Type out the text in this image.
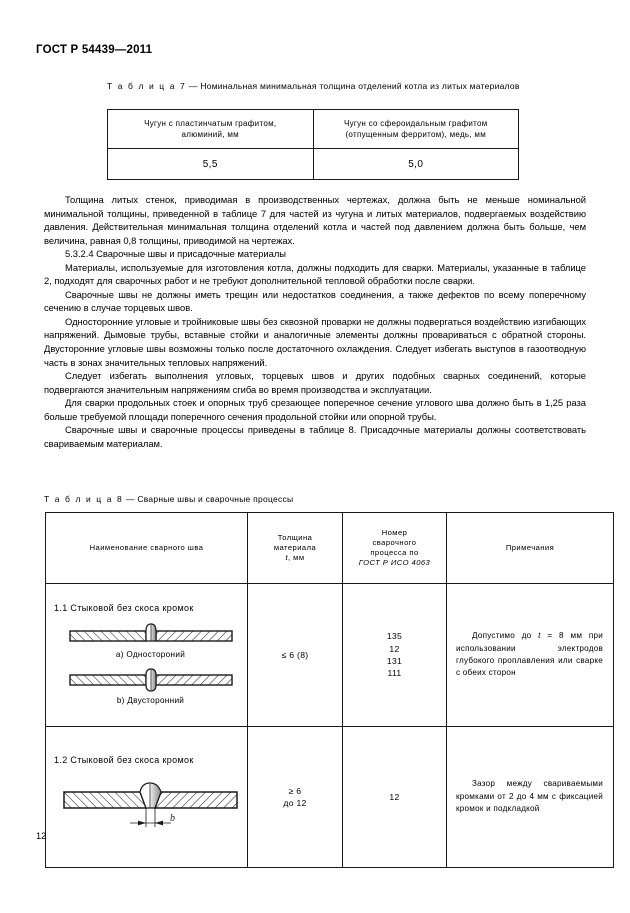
ГОСТ Р 54439—2011
Т а б л и ц а 7 — Номинальная минимальная толщина отделений котла из литых материалов
Чугун с пластинчатым графитом,
алюминий, мм	Чугун со сфероидальным графитом
(отпущенным ферритом), медь, мм
5,5	5,0

Толщина литых стенок, приводимая в производственных чертежах, должна быть не меньше номинальной минимальной толщины, приведенной в таблице 7 для частей из чугуна и литых материалов, подвергаемых воздействию давления. Действительная минимальная толщина отделений котла и частей под давлением должна быть больше, чем величина, равная 0,8 толщины, приводимой на чертежах.

5.3.2.4 Сварочные швы и присадочные материалы

Материалы, используемые для изготовления котла, должны подходить для сварки. Материалы, указанные в таблице 2, подходят для сварочных работ и не требуют дополнительной тепловой обработки после сварки.

Сварочные швы не должны иметь трещин или недостатков соединения, а также дефектов по всему поперечному сечению в случае торцевых швов.

Односторонние угловые и тройниковые швы без сквозной проварки не должны подвергаться воздействию изгибающих напряжений. Дымовые трубы, вставные стойки и аналогичные элементы должны провариваться с обратной стороны. Двусторонние угловые швы возможны только после достаточного охлаждения. Следует избегать выступов в газоотводную часть в зонах значительных тепловых напряжений.

Следует избегать выполнения угловых, торцевых швов и других подобных сварных соединений, которые подвергаются значительным напряжениям сгиба во время производства и эксплуатации.

Для сварки продольных стоек и опорных труб срезающее поперечное сечение углового шва должно быть в 1,25 раза больше требуемой площади поперечного сечения продольной стойки или опорной трубы.

Сварочные швы и сварочные процессы приведены в таблице 8. Присадочные материалы должны соответствовать свариваемым материалам.

Т а б л и ц а 8 — Сварные швы и сварочные процессы
Наименование сварного шва	Толщина
материала
t, мм	Номер
сварочного
процесса по
ГОСТ Р ИСО 4063	Примечания

1.1 Стыковой без скоса кромок
а) Одностороний
b) Двусторонний
	≤ 6 (8)	135
12
131
111	Допустимо до t = 8 мм при использовании электродов глубокого проплавления или сварке с обеих сторон

1.2 Стыковой без скоса кромок
b
	≥ 6
до 12	12	Зазор между свариваемыми кромками от 2 до 4 мм с фиксацией кромок и подкладкой
12
